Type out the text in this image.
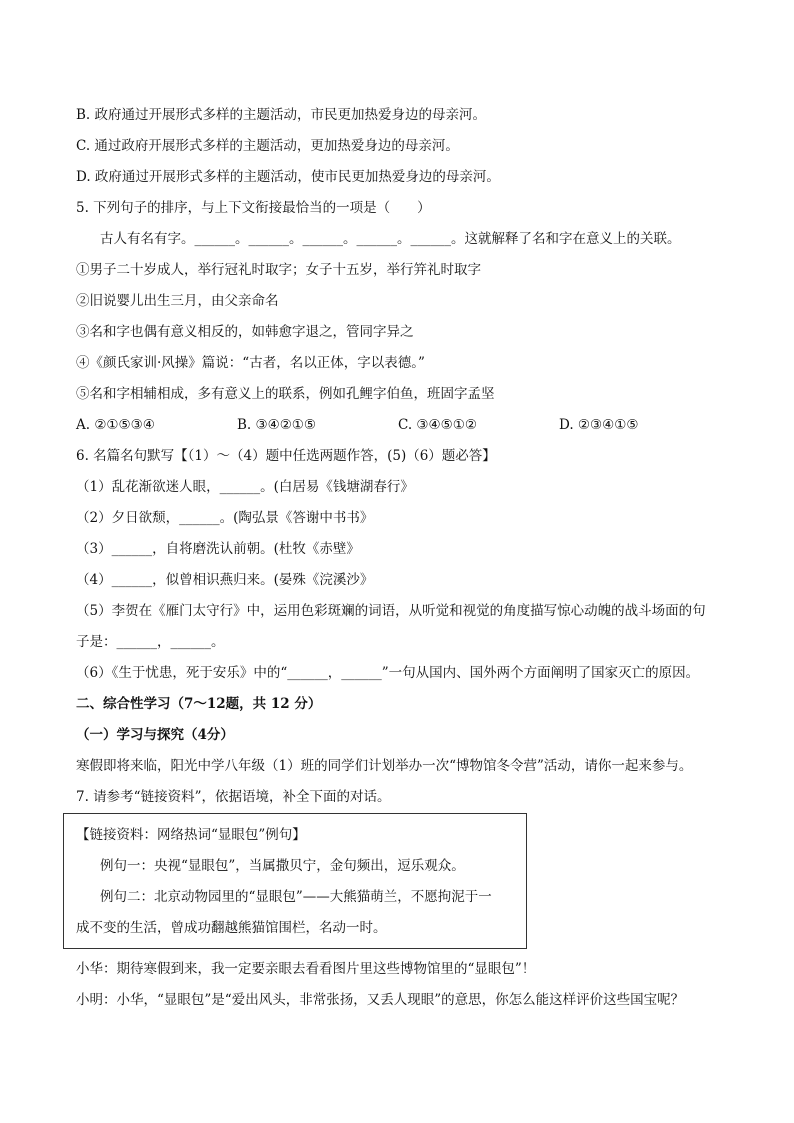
B. 政府通过开展形式多样的主题活动，市民更加热爱身边的母亲河。
C. 通过政府开展形式多样的主题活动，更加热爱身边的母亲河。
D. 政府通过开展形式多样的主题活动，使市民更加热爱身边的母亲河。
5. 下列句子的排序，与上下文衔接最恰当的一项是（　　）
古人有名有字。______。______。______。______。______。这就解释了名和字在意义上的关联。
①男子二十岁成人，举行冠礼时取字；女子十五岁，举行笄礼时取字
②旧说婴儿出生三月，由父亲命名
③名和字也偶有意义相反的，如韩愈字退之，管同字异之
④《颜氏家训·风操》篇说：“古者，名以正体，字以表德。”
⑤名和字相辅相成，多有意义上的联系，例如孔鲤字伯鱼，班固字孟坚
A. ②①⑤③④	B. ③④②①⑤	C. ③④⑤①②	D. ②③④①⑤
6. 名篇名句默写【（1）～（4）题中任选两题作答，(5)（6）题必答】
（1）乱花渐欲迷人眼，______。(白居易《钱塘湖春行》
（2）夕日欲颓，______。(陶弘景《答谢中书书》
（3）______，自将磨洗认前朝。(杜牧《赤壁》
（4）______，似曾相识燕归来。(晏殊《浣溪沙》
（5）李贺在《雁门太守行》中，运用色彩斑斓的词语，从听觉和视觉的角度描写惊心动魄的战斗场面的句
子是：______，______。
（6）《生于忧患，死于安乐》中的“______，______”一句从国内、国外两个方面阐明了国家灭亡的原因。
二、综合性学习（7～12题，共 12 分）
（一）学习与探究（4分）
寒假即将来临，阳光中学八年级（1）班的同学们计划举办一次“博物馆冬令营”活动，请你一起来参与。
7. 请参考“链接资料”，依据语境，补全下面的对话。
【链接资料：网络热词“显眼包”例句】
例句一：央视“显眼包”，当属撒贝宁，金句频出，逗乐观众。
例句二：北京动物园里的“显眼包”——大熊猫萌兰，不愿拘泥于一
成不变的生活，曾成功翻越熊猫馆围栏，名动一时。
小华：期待寒假到来，我一定要亲眼去看看图片里这些博物馆里的“显眼包”！
小明：小华，“显眼包”是“爱出风头，非常张扬，又丢人现眼”的意思，你怎么能这样评价这些国宝呢？
